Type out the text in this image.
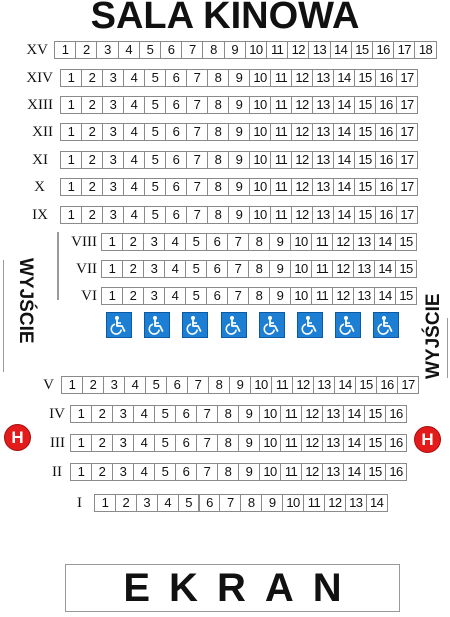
SALA KINOWA
XV	1	2	3	4	5	6	7	8	9 10 11 12 13 14 15 16 17 18
XIV	1	2	3	4	5	6	7	8	9 10 11 12 13 14 15 16 17
XIII	1	2	3	4	5	6	7	8	9 10 11 12 13 14 15 16 17
XII	1	2	3	4	5	6	7	8	9 10 11 12 13 14 15 16 17
XI	1	2	3	4	5	6	7	8	9 10 11 12 13 14 15 16 17
X	1	2	3	4	5	6	7	8	9 10 11 12 13 14 15 16 17
IX	1	2	3	4	5	6	7	8	9 10 11 12 13 14 15 16 17
VIII 1	2	3	4	5	6	7	8	9 10 11 12 13 14 15
VII 1	2	3	4	5	6	7	8	9 10 11 12 13 14 15
VI 1	2	3	4	5	6	7	8	9 10 11 12 13 14 15
V	1	2	3	4	5	6	7	8	9 10 11 12 13 14 15 16 17
IV 1	2	3	4	5	6	7	8	9 10 11 12 13 14 15 16
III 1	2	3	4	5	6	7	8	9 10 11 12 13 14 15 16
II	1	2	3	4	5	6	7	8	9 10 11 12 13 14 15 16
I	1	2	3	4	5	6	7	8	9 10 11 12 13 14
WYJŚCIE	WYJŚCIE
H	H
EKRAN
